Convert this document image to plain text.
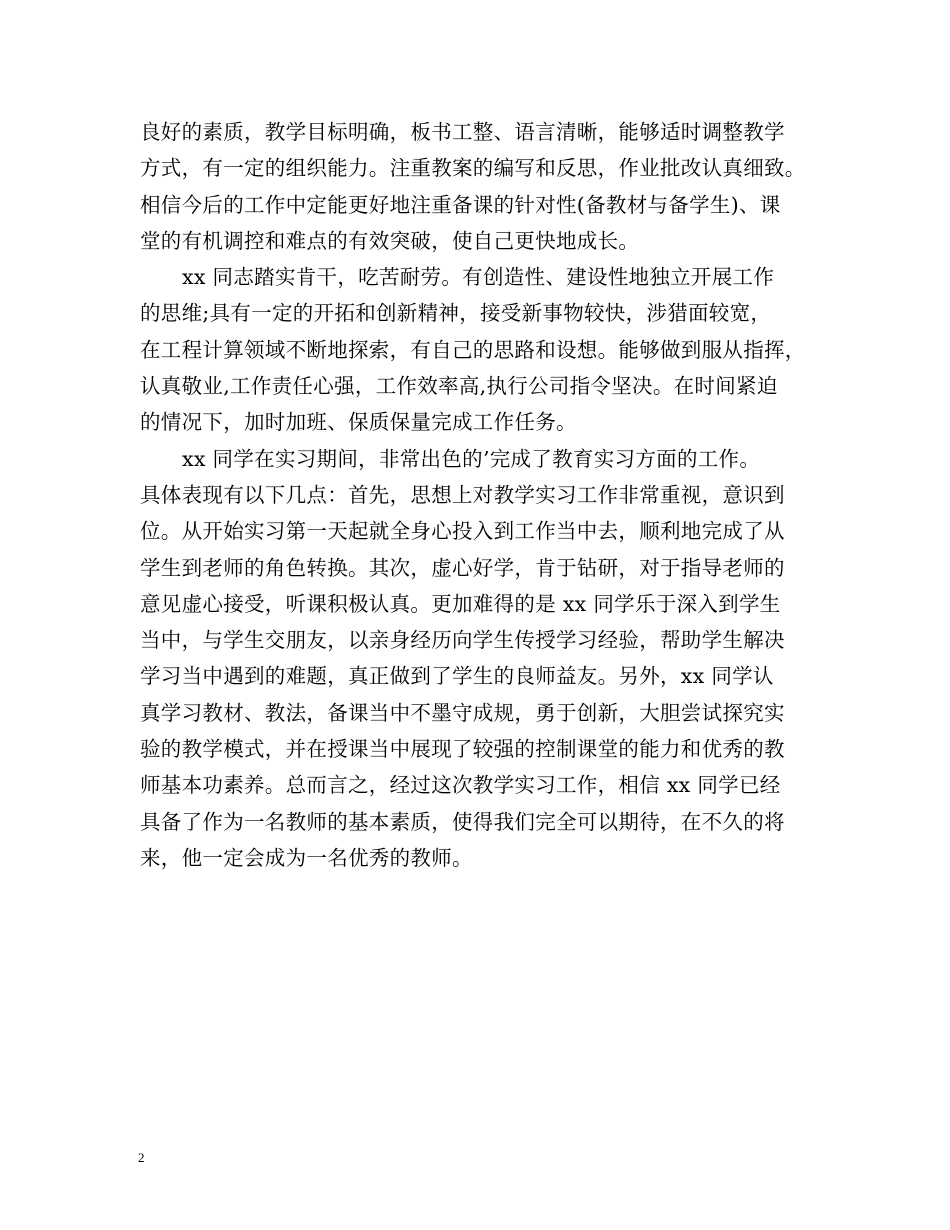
良好的素质，教学目标明确，板书工整、语言清晰，能够适时调整教学
方式，有一定的组织能力。注重教案的编写和反思，作业批改认真细致。
相信今后的工作中定能更好地注重备课的针对性(备教材与备学生)、课
堂的有机调控和难点的有效突破，使自己更快地成长。
xx 同志踏实肯干，吃苦耐劳。有创造性、建设性地独立开展工作
的思维;具有一定的开拓和创新精神，接受新事物较快，涉猎面较宽，
在工程计算领域不断地探索，有自己的思路和设想。能够做到服从指挥，
认真敬业,工作责任心强，工作效率高,执行公司指令坚决。在时间紧迫
的情况下，加时加班、保质保量完成工作任务。
xx 同学在实习期间，非常出色的’完成了教育实习方面的工作。
具体表现有以下几点：首先，思想上对教学实习工作非常重视，意识到
位。从开始实习第一天起就全身心投入到工作当中去，顺利地完成了从
学生到老师的角色转换。其次，虚心好学，肯于钻研，对于指导老师的
意见虚心接受，听课积极认真。更加难得的是 xx 同学乐于深入到学生
当中，与学生交朋友，以亲身经历向学生传授学习经验，帮助学生解决
学习当中遇到的难题，真正做到了学生的良师益友。另外，xx 同学认
真学习教材、教法，备课当中不墨守成规，勇于创新，大胆尝试探究实
验的教学模式，并在授课当中展现了较强的控制课堂的能力和优秀的教
师基本功素养。总而言之，经过这次教学实习工作，相信 xx 同学已经
具备了作为一名教师的基本素质，使得我们完全可以期待，在不久的将
来，他一定会成为一名优秀的教师。
2
